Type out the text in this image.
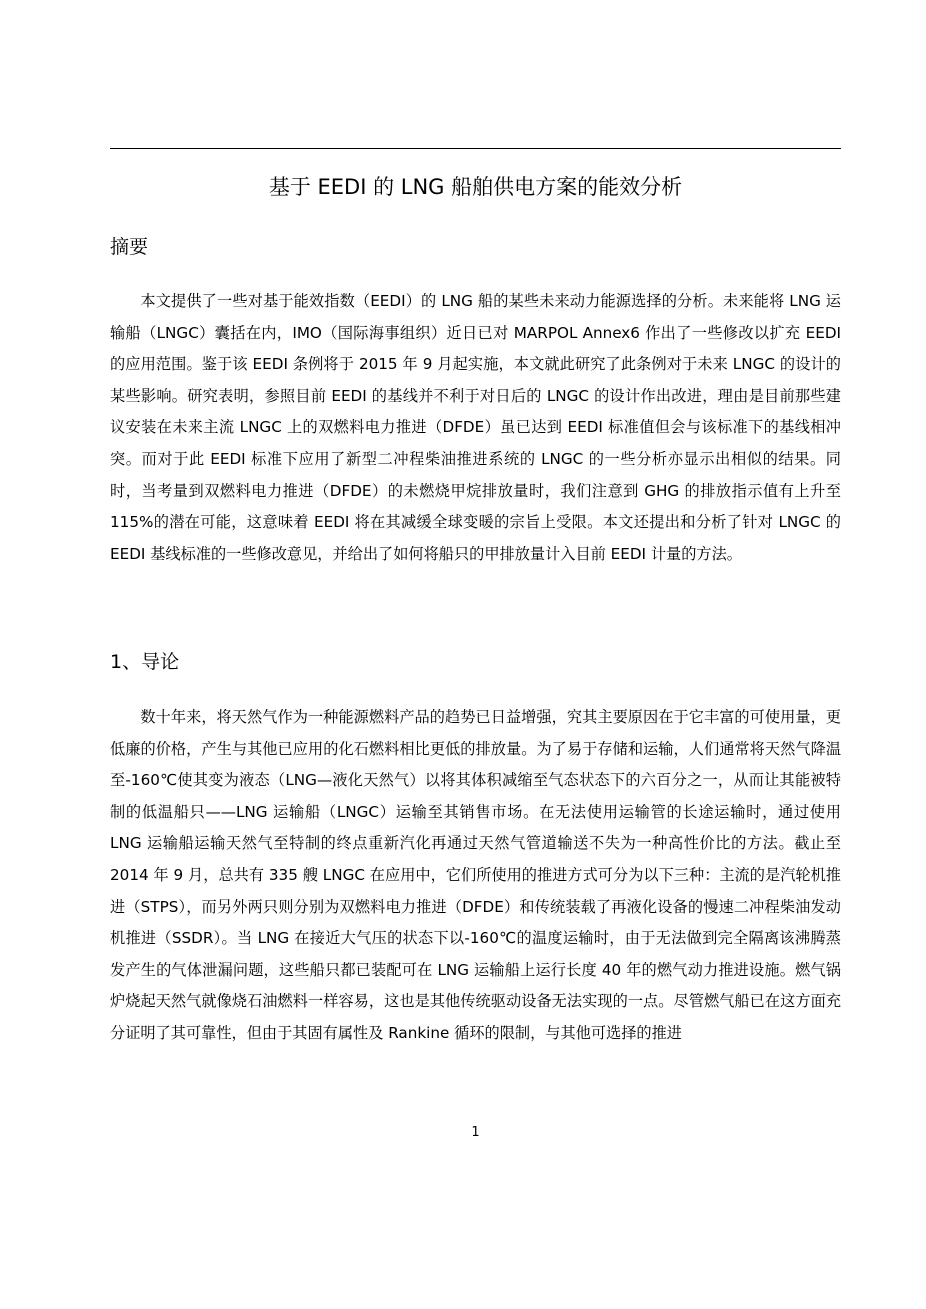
基于 EEDI 的 LNG 船舶供电方案的能效分析
摘要

本文提供了一些对基于能效指数（EEDI）的 LNG 船的某些未来动力能源选择的分析。未来能将 LNG 运输船（LNGC）囊括在内，IMO（国际海事组织）近日已对 MARPOL Annex6 作出了一些修改以扩充 EEDI 的应用范围。鉴于该 EEDI 条例将于 2015 年 9 月起实施，本文就此研究了此条例对于未来 LNGC 的设计的某些影响。研究表明，参照目前 EEDI 的基线并不利于对日后的 LNGC 的设计作出改进，理由是目前那些建议安装在未来主流 LNGC 上的双燃料电力推进（DFDE）虽已达到 EEDI 标准值但会与该标准下的基线相冲突。而对于此 EEDI 标准下应用了新型二冲程柴油推进系统的 LNGC 的一些分析亦显示出相似的结果。同时，当考量到双燃料电力推进（DFDE）的未燃烧甲烷排放量时，我们注意到 GHG 的排放指示值有上升至 115%的潜在可能，这意味着 EEDI 将在其减缓全球变暖的宗旨上受限。本文还提出和分析了针对 LNGC 的 EEDI 基线标准的一些修改意见，并给出了如何将船只的甲排放量计入目前 EEDI 计量的方法。

1、导论

数十年来，将天然气作为一种能源燃料产品的趋势已日益增强，究其主要原因在于它丰富的可使用量，更低廉的价格，产生与其他已应用的化石燃料相比更低的排放量。为了易于存储和运输，人们通常将天然气降温至-160℃使其变为液态（LNG—液化天然气）以将其体积减缩至气态状态下的六百分之一，从而让其能被特制的低温船只——LNG 运输船（LNGC）运输至其销售市场。在无法使用运输管的长途运输时，通过使用 LNG 运输船运输天然气至特制的终点重新汽化再通过天然气管道输送不失为一种高性价比的方法。截止至 2014 年 9 月，总共有 335 艘 LNGC 在应用中，它们所使用的推进方式可分为以下三种：主流的是汽轮机推进（STPS），而另外两只则分别为双燃料电力推进（DFDE）和传统装载了再液化设备的慢速二冲程柴油发动机推进（SSDR）。当 LNG 在接近大气压的状态下以-160℃的温度运输时，由于无法做到完全隔离该沸腾蒸发产生的气体泄漏问题，这些船只都已装配可在 LNG 运输船上运行长度 40 年的燃气动力推进设施。燃气锅炉烧起天然气就像烧石油燃料一样容易，这也是其他传统驱动设备无法实现的一点。尽管燃气船已在这方面充分证明了其可靠性，但由于其固有属性及 Rankine 循环的限制，与其他可选择的推进

1
